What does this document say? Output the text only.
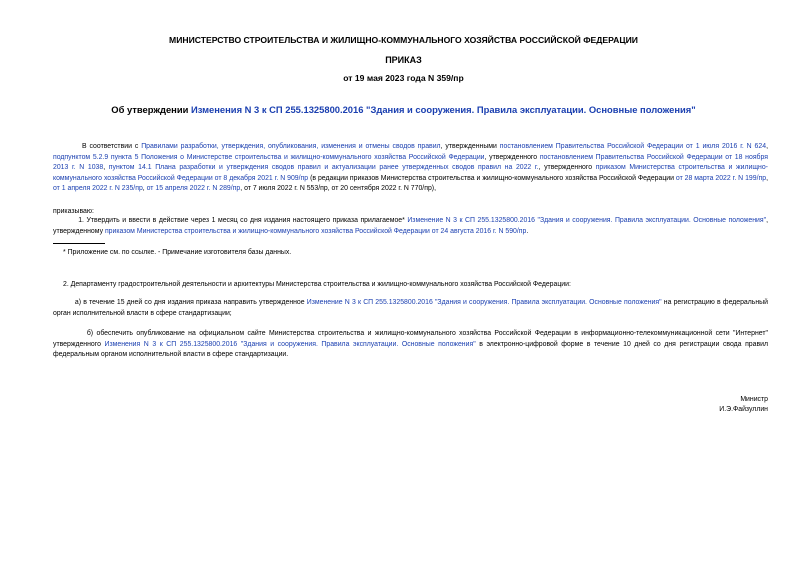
МИНИСТЕРСТВО СТРОИТЕЛЬСТВА И ЖИЛИЩНО-КОММУНАЛЬНОГО ХОЗЯЙСТВА РОССИЙСКОЙ ФЕДЕРАЦИИ
ПРИКАЗ
от 19 мая 2023 года N 359/пр
Об утверждении Изменения N 3 к СП 255.1325800.2016 "Здания и сооружения. Правила эксплуатации. Основные положения"
В соответствии с Правилами разработки, утверждения, опубликования, изменения и отмены сводов правил, утвержденными постановлением Правительства Российской Федерации от 1 июля 2016 г. N 624, подпунктом 5.2.9 пункта 5 Положения о Министерстве строительства и жилищно-коммунального хозяйства Российской Федерации, утвержденного постановлением Правительства Российской Федерации от 18 ноября 2013 г. N 1038, пунктом 14.1 Плана разработки и утверждения сводов правил и актуализации ранее утвержденных сводов правил на 2022 г., утвержденного приказом Министерства строительства и жилищно-коммунального хозяйства Российской Федерации от 8 декабря 2021 г. N 909/пр (в редакции приказов Министерства строительства и жилищно-коммунального хозяйства Российской Федерации от 28 марта 2022 г. N 199/пр, от 1 апреля 2022 г. N 235/пр, от 15 апреля 2022 г. N 289/пр, от 7 июля 2022 г. N 553/пр, от 20 сентября 2022 г. N 770/пр),
приказываю:
1. Утвердить и ввести в действие через 1 месяц со дня издания настоящего приказа прилагаемое* Изменение N 3 к СП 255.1325800.2016 "Здания и сооружения. Правила эксплуатации. Основные положения", утвержденному приказом Министерства строительства и жилищно-коммунального хозяйства Российской Федерации от 24 августа 2016 г. N 590/пр.
* Приложение см. по ссылке. - Примечание изготовителя базы данных.
2. Департаменту градостроительной деятельности и архитектуры Министерства строительства и жилищно-коммунального хозяйства Российской Федерации:
а) в течение 15 дней со дня издания приказа направить утвержденное Изменение N 3 к СП 255.1325800.2016 "Здания и сооружения. Правила эксплуатации. Основные положения" на регистрацию в федеральный орган исполнительной власти в сфере стандартизации;
б) обеспечить опубликование на официальном сайте Министерства строительства и жилищно-коммунального хозяйства Российской Федерации в информационно-телекоммуникационной сети "Интернет" утвержденного Изменения N 3 к СП 255.1325800.2016 "Здания и сооружения. Правила эксплуатации. Основные положения" в электронно-цифровой форме в течение 10 дней со дня регистрации свода правил федеральным органом исполнительной власти в сфере стандартизации.
Министр
И.Э.Файзуллин
